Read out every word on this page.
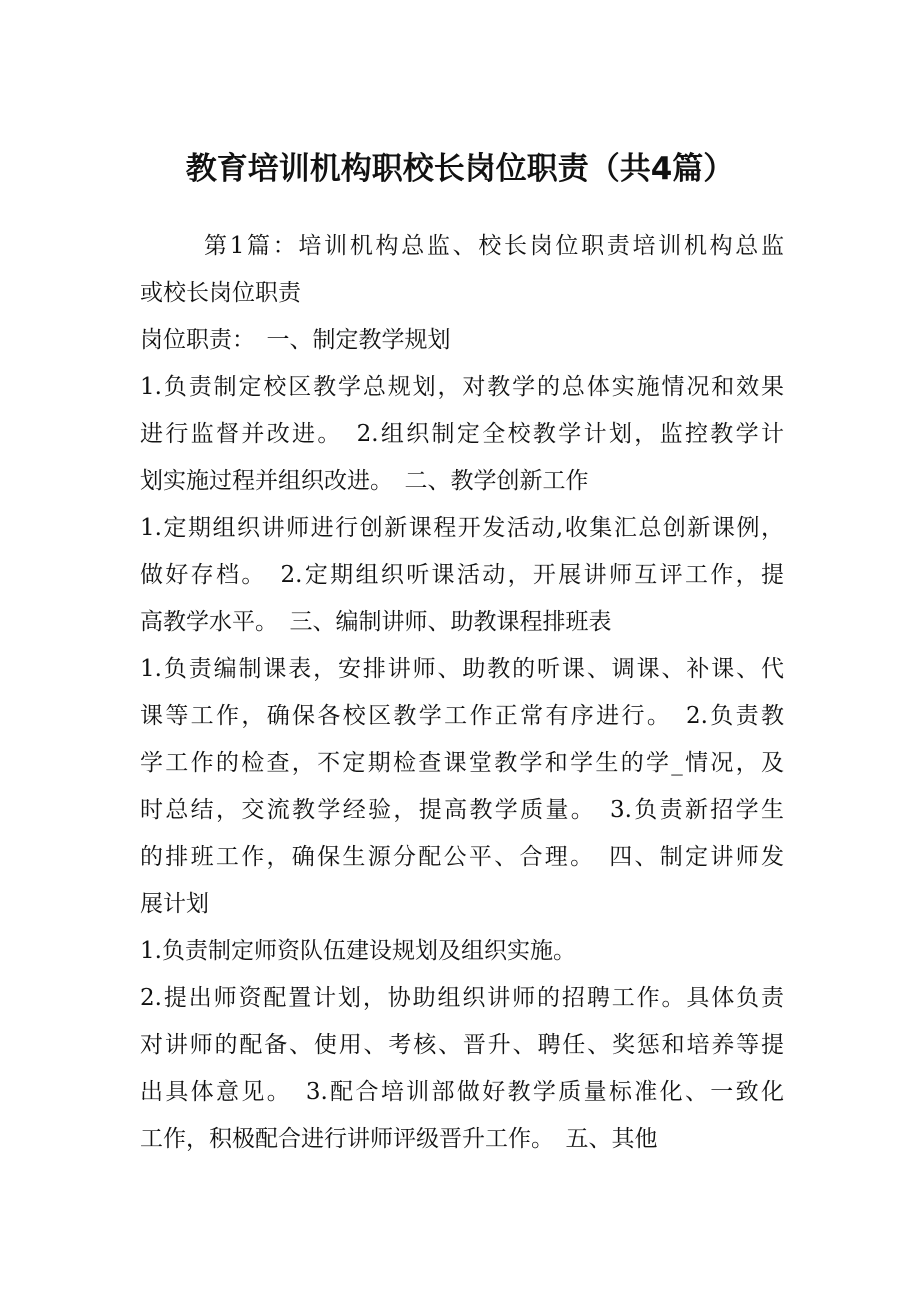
教育培训机构职校长岗位职责（共4篇）
第1篇：培训机构总监、校长岗位职责培训机构总监
或校长岗位职责
岗位职责：　一、制定教学规划
1.负责制定校区教学总规划，对教学的总体实施情况和效果
进行监督并改进。　2.组织制定全校教学计划，监控教学计
划实施过程并组织改进。　二、教学创新工作
1.定期组织讲师进行创新课程开发活动,收集汇总创新课例，
做好存档。　2.定期组织听课活动，开展讲师互评工作，提
高教学水平。　三、编制讲师、助教课程排班表
1.负责编制课表，安排讲师、助教的听课、调课、补课、代
课等工作，确保各校区教学工作正常有序进行。　2.负责教
学工作的检查，不定期检查课堂教学和学生的学_情况，及
时总结，交流教学经验，提高教学质量。　3.负责新招学生
的排班工作，确保生源分配公平、合理。　四、制定讲师发
展计划
1.负责制定师资队伍建设规划及组织实施。
2.提出师资配置计划，协助组织讲师的招聘工作。具体负责
对讲师的配备、使用、考核、晋升、聘任、奖惩和培养等提
出具体意见。　3.配合培训部做好教学质量标准化、一致化
工作，积极配合进行讲师评级晋升工作。　五、其他
